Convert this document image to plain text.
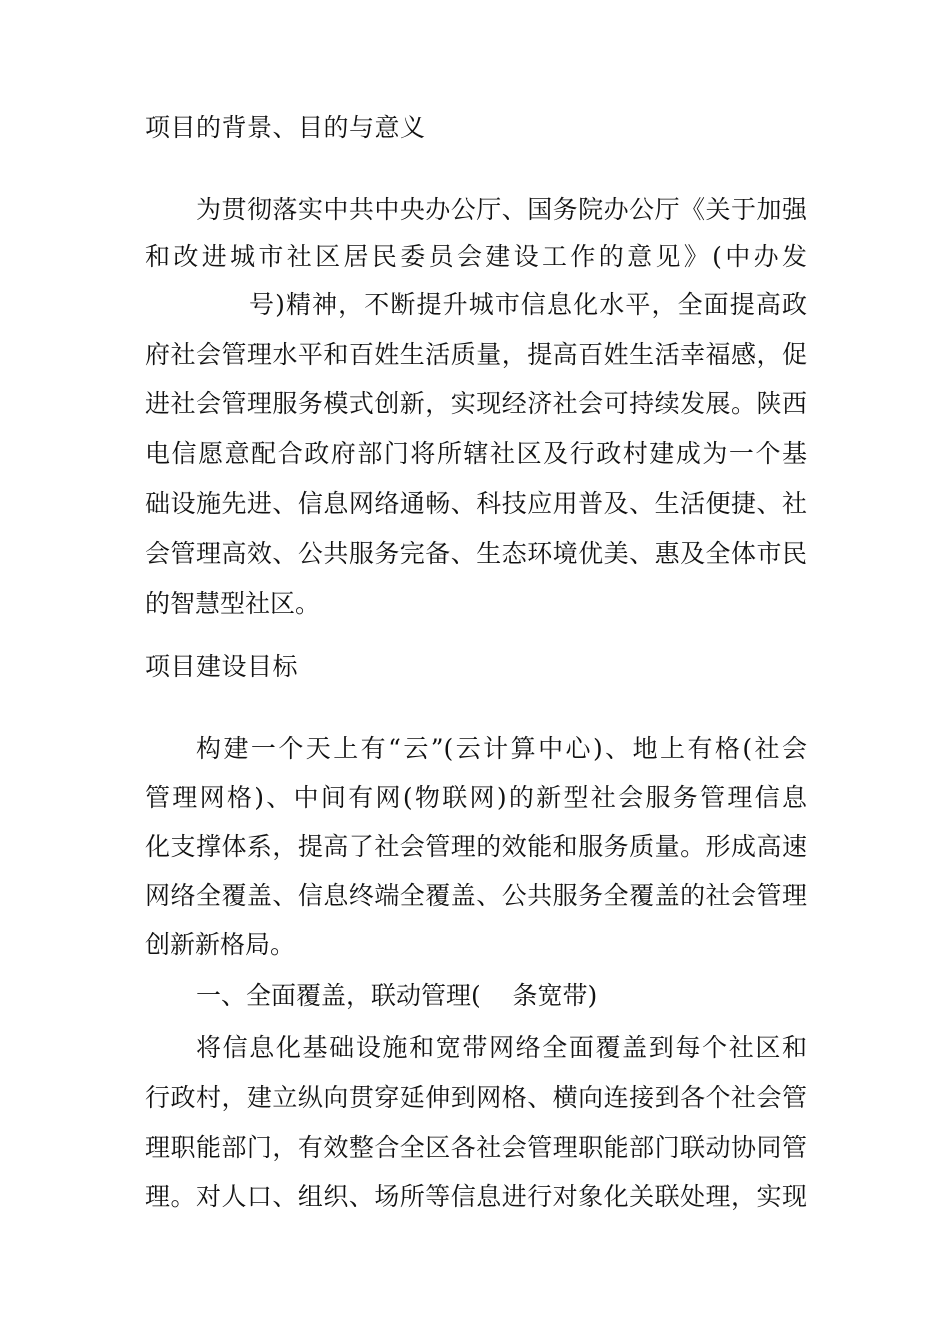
项目的背景、目的与意义
为贯彻落实中共中央办公厅、国务院办公厅《关于加强
和改进城市社区居民委员会建设工作的意见》(中办发
号)精神，不断提升城市信息化水平，全面提高政
府社会管理水平和百姓生活质量，提高百姓生活幸福感，促
进社会管理服务模式创新，实现经济社会可持续发展。陕西
电信愿意配合政府部门将所辖社区及行政村建成为一个基
础设施先进、信息网络通畅、科技应用普及、生活便捷、社
会管理高效、公共服务完备、生态环境优美、惠及全体市民
的智慧型社区。
项目建设目标
构建一个天上有“云”(云计算中心)、地上有格(社会
管理网格)、中间有网(物联网)的新型社会服务管理信息
化支撑体系，提高了社会管理的效能和服务质量。形成高速
网络全覆盖、信息终端全覆盖、公共服务全覆盖的社会管理
创新新格局。
一、全面覆盖，联动管理(    条宽带)
将信息化基础设施和宽带网络全面覆盖到每个社区和
行政村，建立纵向贯穿延伸到网格、横向连接到各个社会管
理职能部门，有效整合全区各社会管理职能部门联动协同管
理。对人口、组织、场所等信息进行对象化关联处理，实现
